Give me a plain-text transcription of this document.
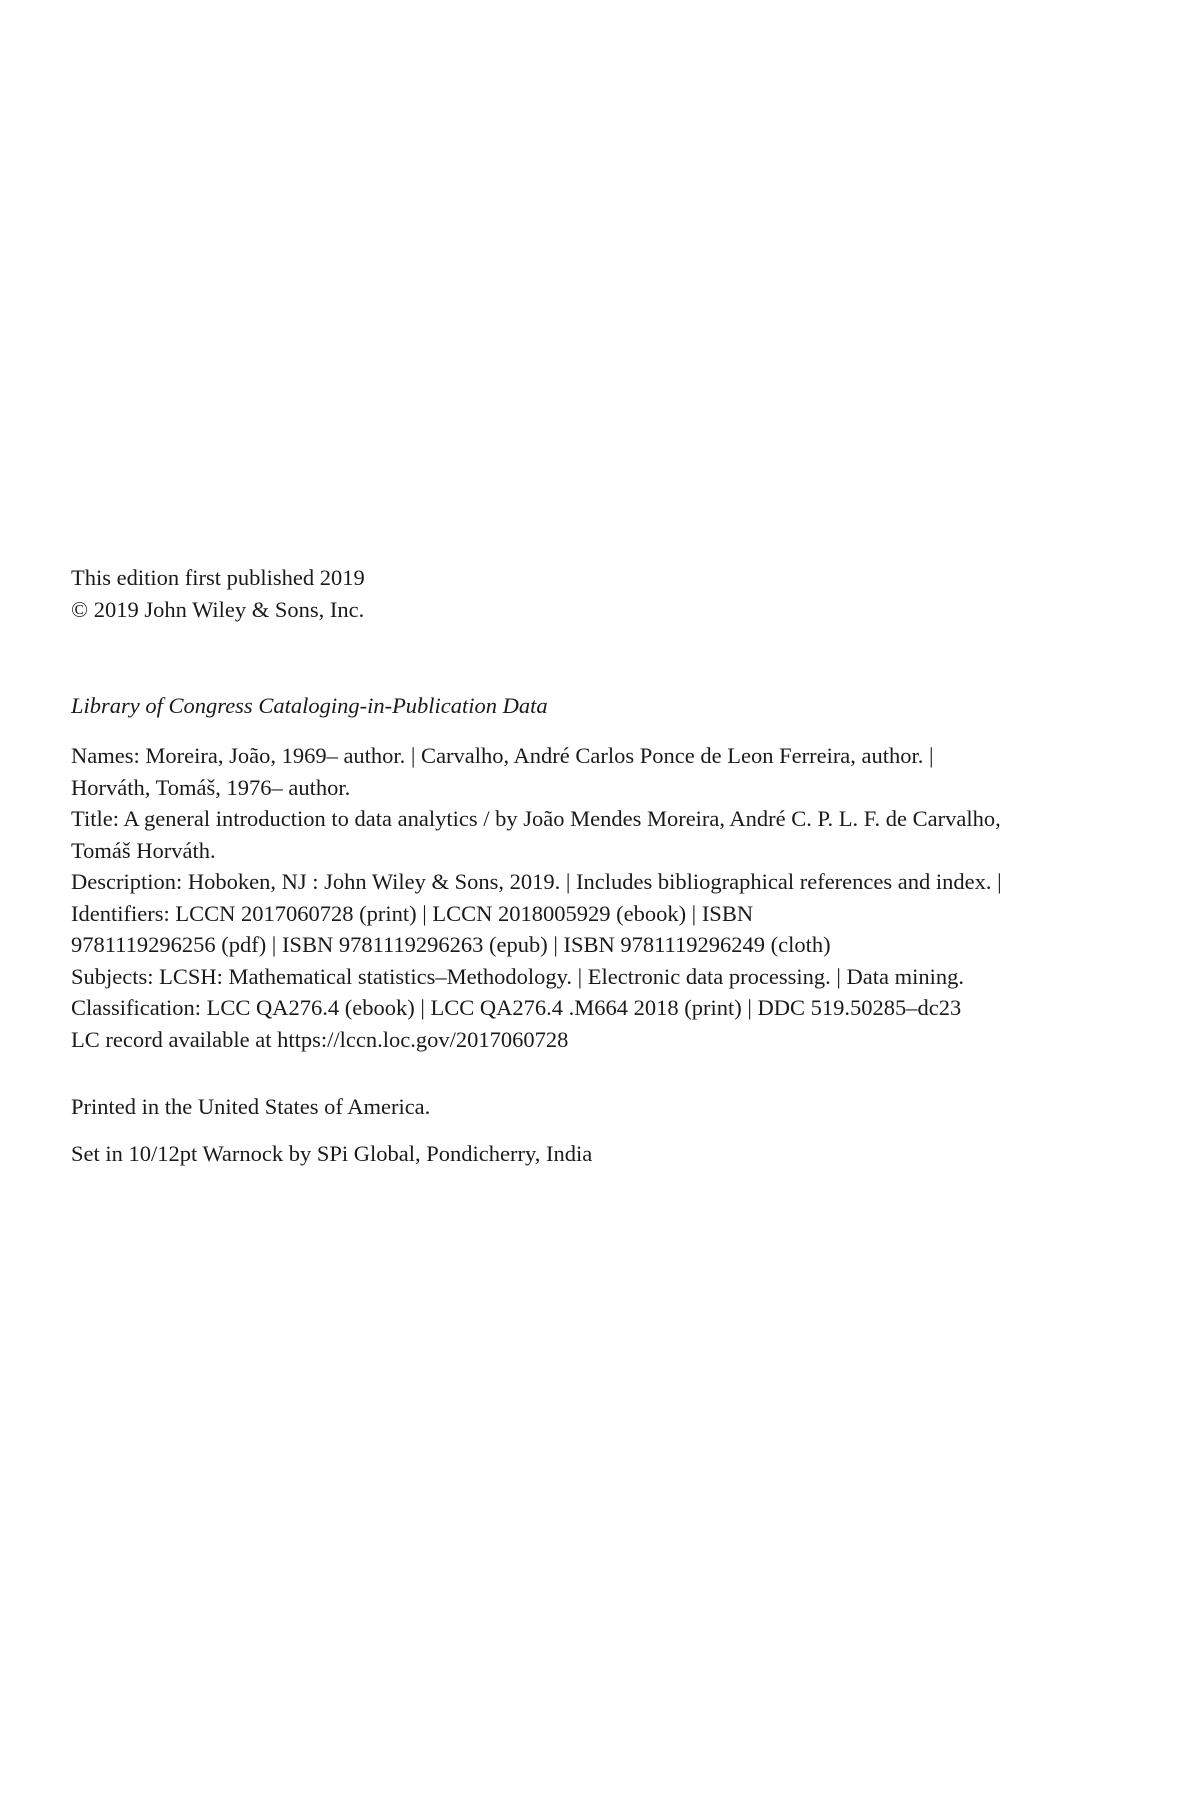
This edition first published 2019
© 2019 John Wiley & Sons, Inc.
Library of Congress Cataloging-in-Publication Data

Names: Moreira, João, 1969– author. | Carvalho, André Carlos Ponce de Leon Ferreira, author. |
Horváth, Tomáš, 1976– author.

Title: A general introduction to data analytics / by João Mendes Moreira, André C. P. L. F. de Carvalho,
Tomáš Horváth.

Description: Hoboken, NJ : John Wiley & Sons, 2019. | Includes bibliographical references and index. |

Identifiers: LCCN 2017060728 (print) | LCCN 2018005929 (ebook) | ISBN
9781119296256 (pdf) | ISBN 9781119296263 (epub) | ISBN 9781119296249 (cloth)

Subjects: LCSH: Mathematical statistics–Methodology. | Electronic data processing. | Data mining.

Classification: LCC QA276.4 (ebook) | LCC QA276.4 .M664 2018 (print) | DDC 519.50285–dc23

LC record available at https://lccn.loc.gov/2017060728

Printed in the United States of America.
Set in 10/12pt Warnock by SPi Global, Pondicherry, India
